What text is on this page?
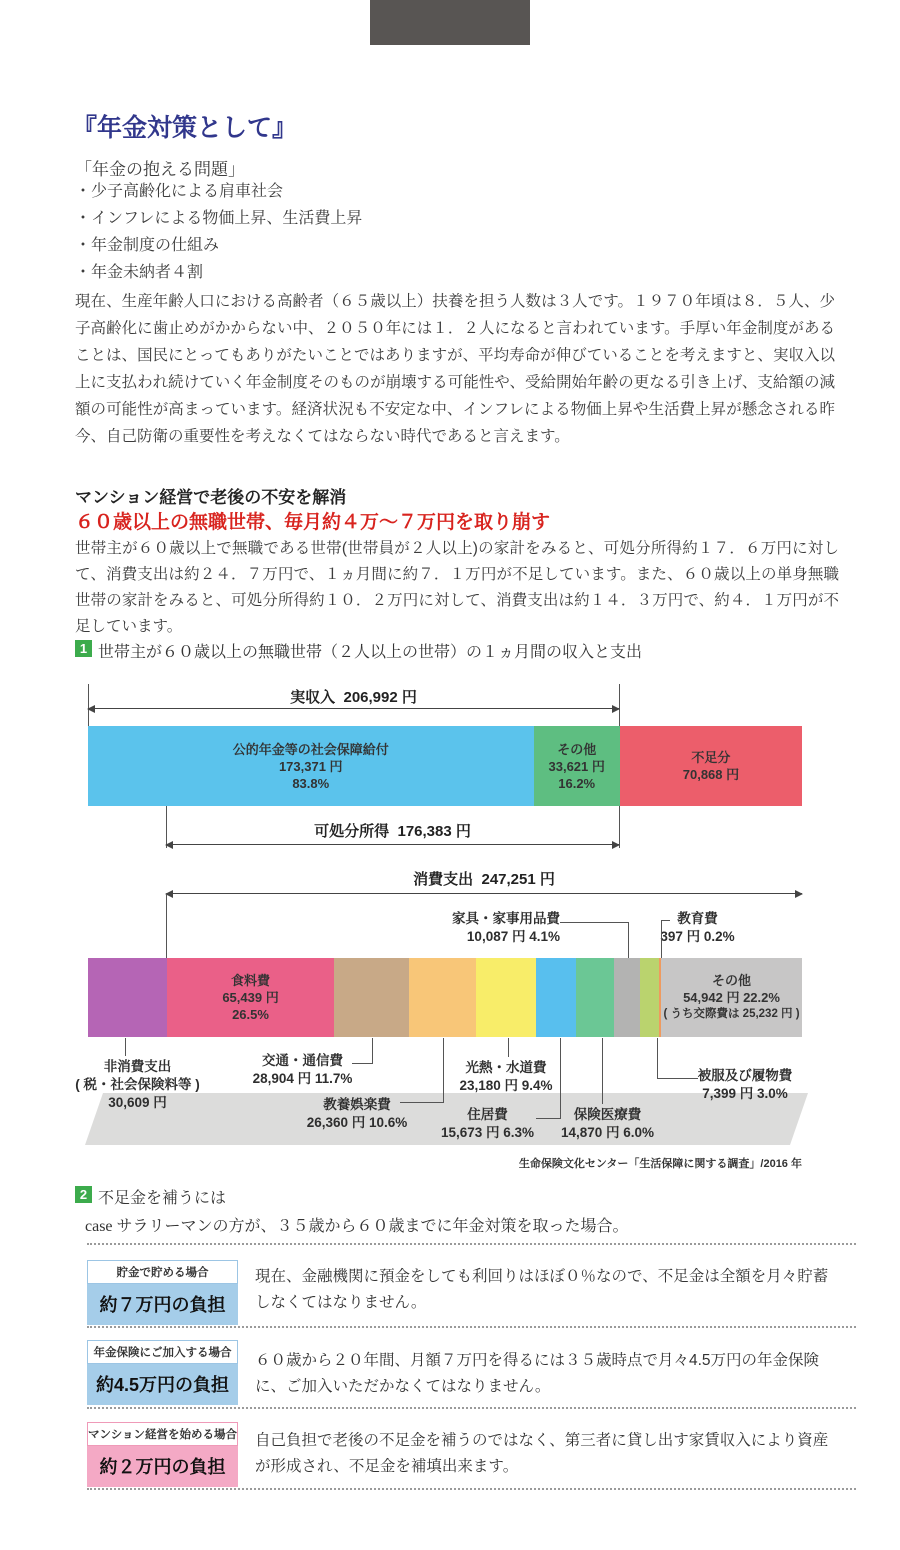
『年金対策として』
「年金の抱える問題」
・少子高齢化による肩車社会
・インフレによる物価上昇、生活費上昇
・年金制度の仕組み
・年金未納者４割
現在、生産年齢人口における高齢者（６５歳以上）扶養を担う人数は３人です。１９７０年頃は８．５人、少子高齢化に歯止めがかからない中、２０５０年には１．２人になると言われています。手厚い年金制度があることは、国民にとってもありがたいことではありますが、平均寿命が伸びていることを考えますと、実収入以上に支払われ続けていく年金制度そのものが崩壊する可能性や、受給開始年齢の更なる引き上げ、支給額の減額の可能性が高まっています。経済状況も不安定な中、インフレによる物価上昇や生活費上昇が懸念される昨今、自己防衛の重要性を考えなくてはならない時代であると言えます。
マンション経営で老後の不安を解消
６０歳以上の無職世帯、毎月約４万～７万円を取り崩す
世帯主が６０歳以上で無職である世帯(世帯員が２人以上)の家計をみると、可処分所得約１７．６万円に対して、消費支出は約２４．７万円で、１ヵ月間に約７．１万円が不足しています。また、６０歳以上の単身無職世帯の家計をみると、可処分所得約１０．２万円に対して、消費支出は約１４．３万円で、約４．１万円が不足しています。
1 世帯主が６０歳以上の無職世帯（２人以上の世帯）の１ヵ月間の収入と支出
実収入 206,992 円
公的年金等の社会保障給付
173,371 円
83.8%
その他
33,621 円
16.2%
不足分
70,868 円
可処分所得 176,383 円
消費支出 247,251 円
家具・家事用品費
10,087 円 4.1%
教育費
397 円 0.2%
食料費
65,439 円
26.5%
その他
54,942 円 22.2%
( うち交際費は 25,232 円 )
非消費支出
( 税・社会保険料等 )
30,609 円
交通・通信費
28,904 円 11.7%
教養娯楽費
26,360 円 10.6%
光熱・水道費
23,180 円 9.4%
住居費
15,673 円 6.3%
保険医療費
14,870 円 6.0%
被服及び履物費
7,399 円 3.0%
生命保険文化センター「生活保障に関する調査」/2016 年
2 不足金を補うには
case サラリーマンの方が、３５歳から６０歳までに年金対策を取った場合。
貯金で貯める場合
約７万円の負担
現在、金融機関に預金をしても利回りはほぼ０％なので、不足金は全額を月々貯蓄しなくてはなりません。
年金保険にご加入する場合
約4.5万円の負担
６０歳から２０年間、月額７万円を得るには３５歳時点で月々4.5万円の年金保険に、ご加入いただかなくてはなりません。
マンション経営を始める場合
約２万円の負担
自己負担で老後の不足金を補うのではなく、第三者に貸し出す家賃収入により資産が形成され、不足金を補填出来ます。
